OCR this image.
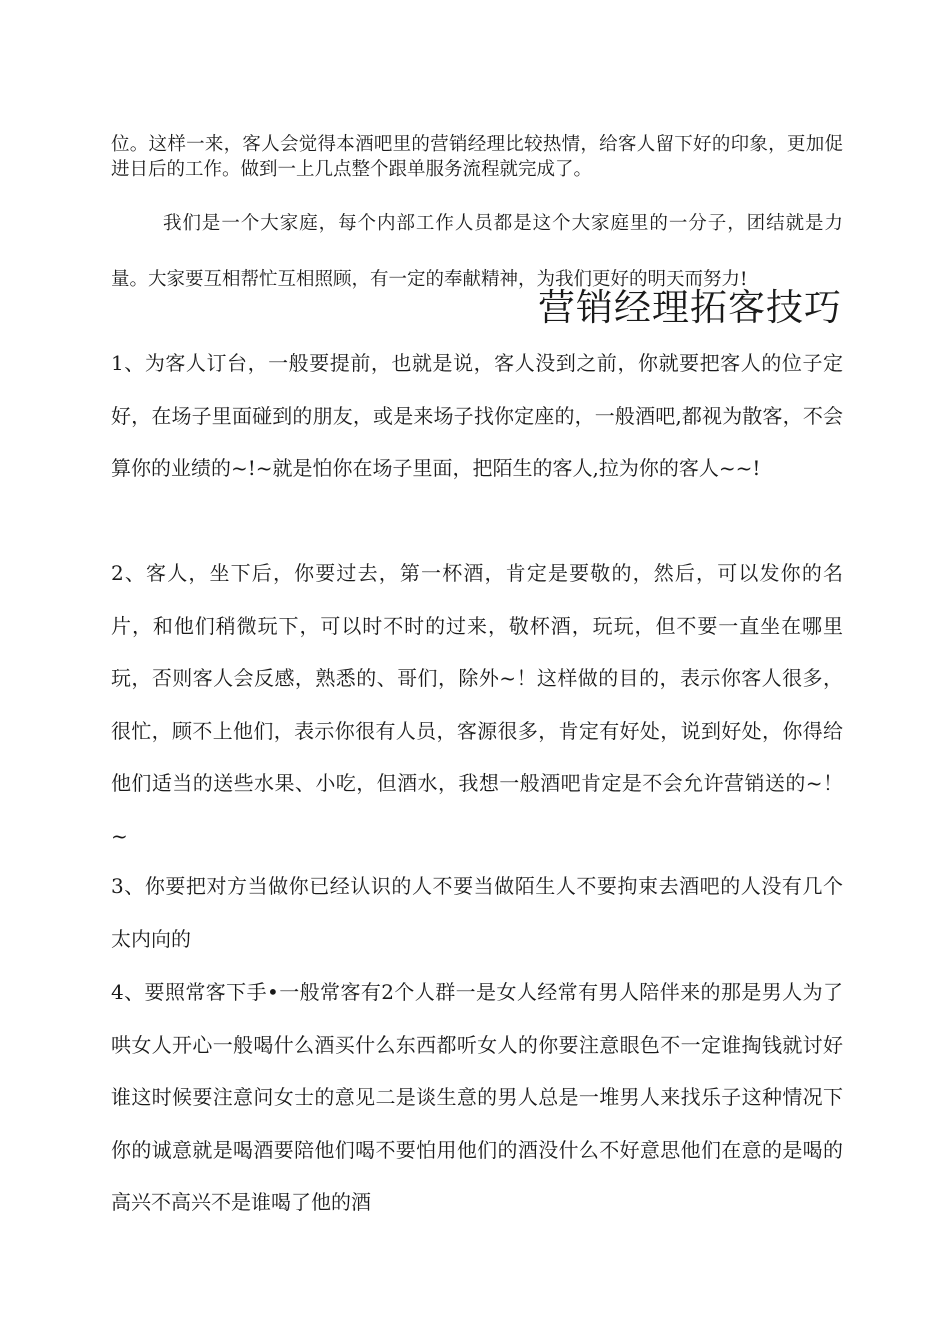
位。这样一来，客人会觉得本酒吧里的营销经理比较热情，给客人留下好的印象，更加促进日后的工作。做到一上几点整个跟单服务流程就完成了。

我们是一个大家庭，每个内部工作人员都是这个大家庭里的一分子，团结就是力量。大家要互相帮忙互相照顾，有一定的奉献精神，为我们更好的明天而努力!

营销经理拓客技巧

1、为客人订台，一般要提前，也就是说，客人没到之前，你就要把客人的位子定好，在场子里面碰到的朋友，或是来场子找你定座的，一般酒吧,都视为散客，不会算你的业绩的~!~就是怕你在场子里面，把陌生的客人,拉为你的客人~~!

2、客人，坐下后，你要过去，第一杯酒，肯定是要敬的，然后，可以发你的名片，和他们稍微玩下，可以时不时的过来，敬杯酒，玩玩，但不要一直坐在哪里玩，否则客人会反感，熟悉的、哥们，除外~！这样做的目的，表示你客人很多，很忙，顾不上他们，表示你很有人员，客源很多，肯定有好处，说到好处，你得给他们适当的送些水果、小吃，但酒水，我想一般酒吧肯定是不会允许营销送的~！~

3、你要把对方当做你已经认识的人不要当做陌生人不要拘束去酒吧的人没有几个太内向的

4、要照常客下手•一般常客有2个人群一是女人经常有男人陪伴来的那是男人为了哄女人开心一般喝什么酒买什么东西都听女人的你要注意眼色不一定谁掏钱就讨好谁这时候要注意问女士的意见二是谈生意的男人总是一堆男人来找乐子这种情况下你的诚意就是喝酒要陪他们喝不要怕用他们的酒没什么不好意思他们在意的是喝的高兴不高兴不是谁喝了他的酒
